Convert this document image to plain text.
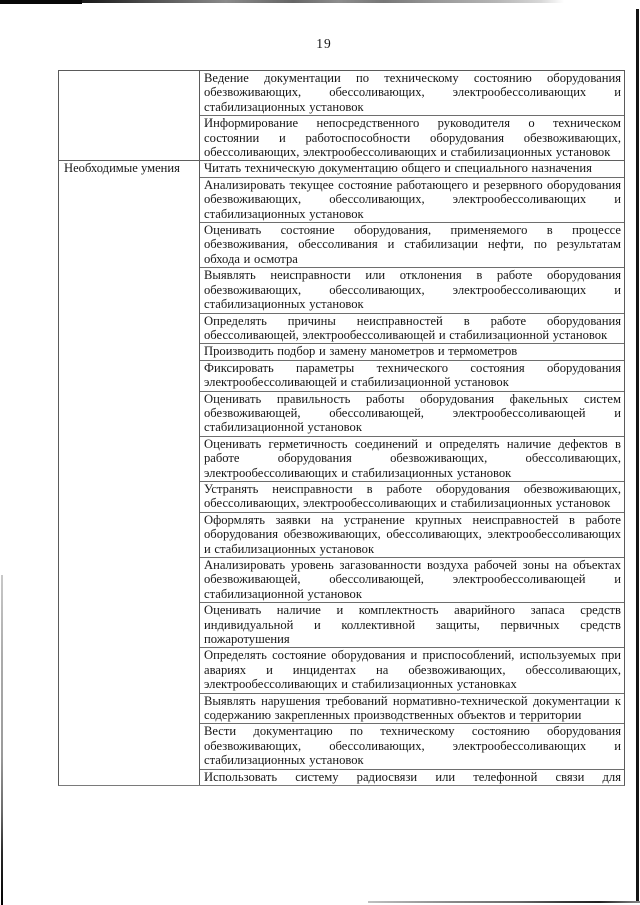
19
Ведение документации по техническому состоянию оборудования обезвоживающих, обессоливающих, электрообессоливающих и стабилизационных установок
Информирование непосредственного руководителя о техническом состоянии и работоспособности оборудования обезвоживающих, обессоливающих, электрообессоливающих и стабилизационных установок
Необходимые умения	Читать техническую документацию общего и специального назначения
Анализировать текущее состояние работающего и резервного оборудования обезвоживающих, обессоливающих, электрообессоливающих и стабилизационных установок
Оценивать состояние оборудования, применяемого в процессе обезвоживания, обессоливания и стабилизации нефти, по результатам обхода и осмотра
Выявлять неисправности или отклонения в работе оборудования обезвоживающих, обессоливающих, электрообессоливающих и стабилизационных установок
Определять причины неисправностей в работе оборудования обессоливающей, электрообессоливающей и стабилизационной установок
Производить подбор и замену манометров и термометров
Фиксировать параметры технического состояния оборудования электрообессоливающей и стабилизационной установок
Оценивать правильность работы оборудования факельных систем обезвоживающей, обессоливающей, электрообессоливающей и стабилизационной установок
Оценивать герметичность соединений и определять наличие дефектов в работе оборудования обезвоживающих, обессоливающих, электрообессоливающих и стабилизационных установок
Устранять неисправности в работе оборудования обезвоживающих, обессоливающих, электрообессоливающих и стабилизационных установок
Оформлять заявки на устранение крупных неисправностей в работе оборудования обезвоживающих, обессоливающих, электрообессоливающих и стабилизационных установок
Анализировать уровень загазованности воздуха рабочей зоны на объектах обезвоживающей, обессоливающей, электрообессоливающей и стабилизационной установок
Оценивать наличие и комплектность аварийного запаса средств индивидуальной и коллективной защиты, первичных средств пожаротушения
Определять состояние оборудования и приспособлений, используемых при авариях и инцидентах на обезвоживающих, обессоливающих, электрообессоливающих и стабилизационных установках
Выявлять нарушения требований нормативно-технической документации к содержанию закрепленных производственных объектов и территории
Вести документацию по техническому состоянию оборудования обезвоживающих, обессоливающих, электрообессоливающих и стабилизационных установок
Использовать систему радиосвязи или телефонной связи для
